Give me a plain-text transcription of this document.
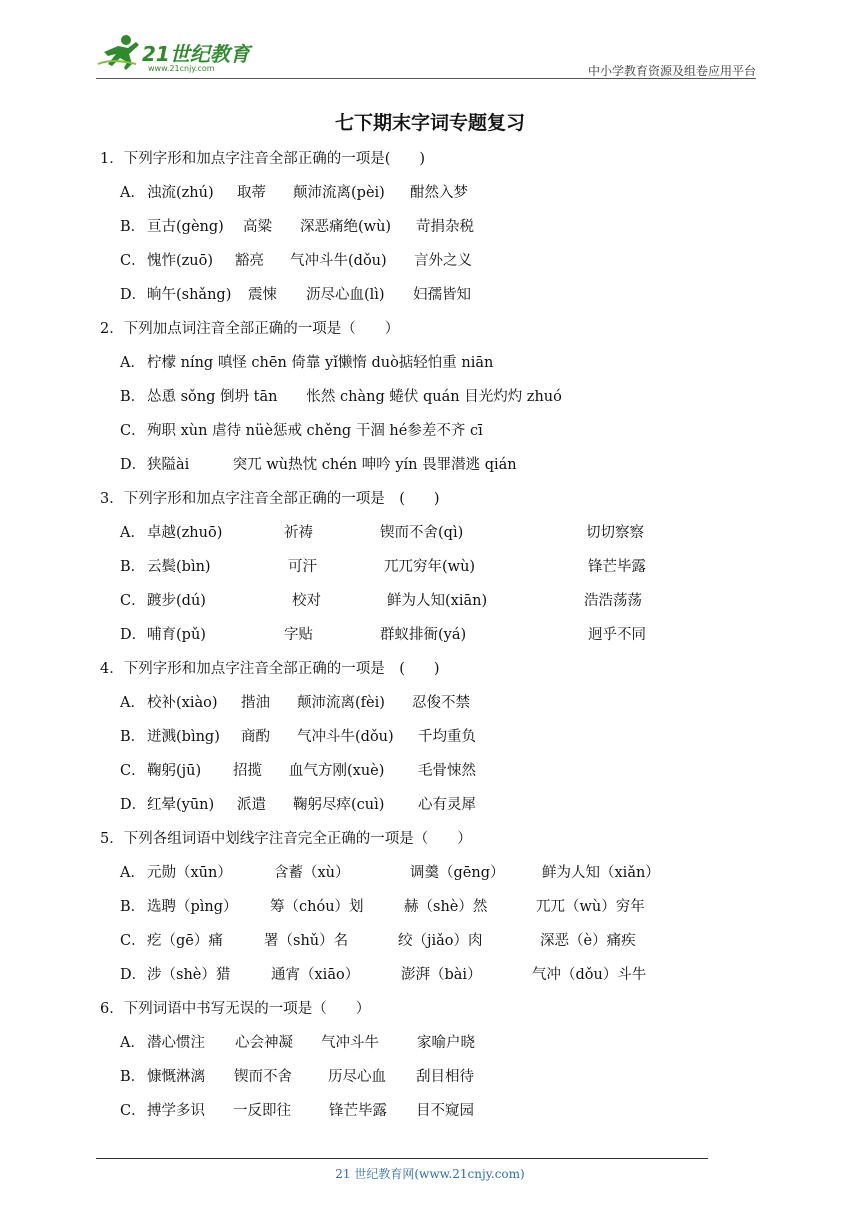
21世纪教育
www.21cnjy.com	中小学教育资源及组卷应用平台
七下期末字词专题复习
1．下列字形和加点字注音全部正确的一项是(　　)
A． 浊流(zhú) 取蒂 颠沛流离(pèi) 酣然入梦
B． 亘古(gèng) 高粱 深恶痛绝(wù) 苛捐杂税
C． 愧怍(zuō) 豁亮 气冲斗牛(dǒu) 言外之义
D． 晌午(shǎng) 震悚 沥尽心血(lì) 妇孺皆知
2．下列加点词注音全部正确的一项是（　　）
A． 柠檬 níng 嗔怪 chēn 倚靠 yǐ懒惰 duò掂轻怕重 niān
B． 怂恿 sǒng 倒坍 tān　　怅然 chàng 蜷伏 quán 目光灼灼 zhuó
C． 殉职 xùn 虐待 nüè惩戒 chěng 干涸 hé参差不齐 cī
D． 狭隘ài　　　突兀 wù热忱 chén 呻吟 yín 畏罪潜逃 qián
3．下列字形和加点字注音全部正确的一项是　(　　)
A． 卓越(zhuō)	祈祷	锲而不舍(qì)	切切察察
B． 云鬓(bìn)	可汗	兀兀穷年(wù)	锋芒毕露
C． 踱步(dú)	校对	鲜为人知(xiān)	浩浩荡荡
D． 哺育(pǔ)	字贴	群蚁排衙(yá)	迥乎不同
4．下列字形和加点字注音全部正确的一项是　(　　)
A． 校补(xiào) 揩油 颠沛流离(fèi) 忍俊不禁
B． 迸溅(bìng) 商酌 气冲斗牛(dǒu) 千均重负
C． 鞠躬(jū) 招揽 血气方刚(xuè) 毛骨悚然
D． 红晕(yūn) 派遣 鞠躬尽瘁(cuì) 心有灵犀
5．下列各组词语中划线字注音完全正确的一项是（　　）
A． 元勋（xūn）	含蓄（xù）	调羹（gēng）	鲜为人知（xiǎn）
B． 选聘（pìng） 筹（chóu）划	赫（shè）然	兀兀（wù）穷年
C． 疙（gē）痛	署（shǔ）名	绞（jiǎo）肉	深恶（è）痛疾
D． 涉（shè）猎	通宵（xiāo）	澎湃（bài）	气冲（dǒu）斗牛
6．下列词语中书写无误的一项是（　　）
A． 潜心惯注 心会神凝 气冲斗牛	家喻户晓
B． 慷慨淋漓 锲而不舍 历尽心血 刮目相待
C． 搏学多识 一反即往	锋芒毕露 目不窥园
21 世纪教育网(www.21cnjy.com)
